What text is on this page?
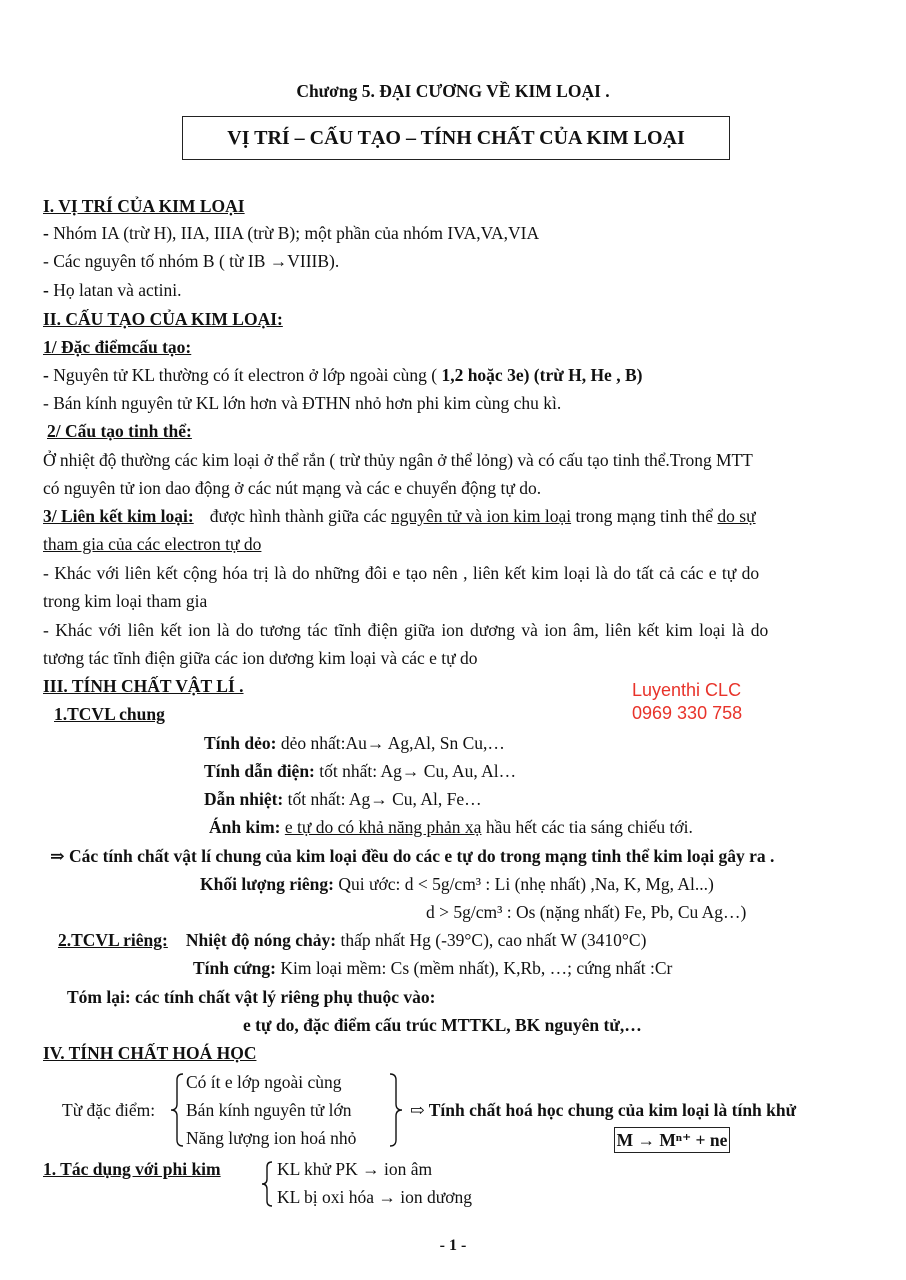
Chương 5. ĐẠI CƯƠNG VỀ KIM LOẠI .
VỊ TRÍ – CẤU TẠO – TÍNH CHẤT CỦA KIM LOẠI
I. VỊ TRÍ CỦA KIM LOẠI
- Nhóm IA (trừ H), IIA, IIIA (trừ B); một phần của nhóm IVA,VA,VIA
- Các nguyên tố nhóm B ( từ IB →VIIIB).
- Họ latan và actini.
II. CẤU TẠO CỦA KIM LOẠI:
1/ Đặc điểmcấu tạo:
- Nguyên tử KL thường có ít electron ở lớp ngoài cùng ( 1,2 hoặc 3e) (trừ H, He , B)
- Bán kính nguyên tử KL lớn hơn và ĐTHN nhỏ hơn phi kim cùng chu kì.
2/ Cấu tạo tinh thể:
Ở nhiệt độ thường các kim loại ở thể rắn ( trừ thủy ngân ở thể lỏng) và có cấu tạo tinh thể.Trong MTT
có nguyên tử ion dao động ở các nút mạng và các e chuyển động tự do.
3/ Liên kết kim loại: được hình thành giữa các nguyên tử và ion kim loại trong mạng tinh thể do sự
tham gia của các electron tự do
- Khác với liên kết cộng hóa trị là do những đôi e tạo nên , liên kết kim loại là do tất cả các e tự do
trong kim loại tham gia
- Khác với liên kết ion là do tương tác tĩnh điện giữa ion dương và ion âm, liên kết kim loại là do
tương tác tĩnh điện giữa các ion dương kim loại và các e tự do
III. TÍNH CHẤT VẬT LÍ .	Luyenthi CLC
0969 330 758
1.TCVL chung
Tính dẻo: dẻo nhất:Au→ Ag,Al, Sn Cu,…
Tính dẫn điện: tốt nhất: Ag→ Cu, Au, Al…
Dẫn nhiệt: tốt nhất: Ag→ Cu, Al, Fe…
Ánh kim: e tự do có khả năng phản xạ hầu hết các tia sáng chiếu tới.
⇒ Các tính chất vật lí chung của kim loại đều do các e tự do trong mạng tinh thể kim loại gây ra .
Khối lượng riêng: Qui ước: d < 5g/cm³ : Li (nhẹ nhất) ,Na, K, Mg, Al...)
d > 5g/cm³ : Os (nặng nhất) Fe, Pb, Cu Ag…)
2.TCVL riêng: Nhiệt độ nóng chảy: thấp nhất Hg (-39°C), cao nhất W (3410°C)
Tính cứng: Kim loại mềm: Cs (mềm nhất), K,Rb, …; cứng nhất :Cr
Tóm lại: các tính chất vật lý riêng phụ thuộc vào:
e tự do, đặc điểm cấu trúc MTTKL, BK nguyên tử,…
IV. TÍNH CHẤT HOÁ HỌC
Từ đặc điểm:
Có ít e lớp ngoài cùng
Bán kính nguyên tử lớn
Năng lượng ion hoá nhỏ
⇨ Tính chất hoá học chung của kim loại là tính khử
M → Mⁿ⁺ + ne
1. Tác dụng với phi kim	KL khử PK → ion âm
KL bị oxi hóa → ion dương
- 1 -
